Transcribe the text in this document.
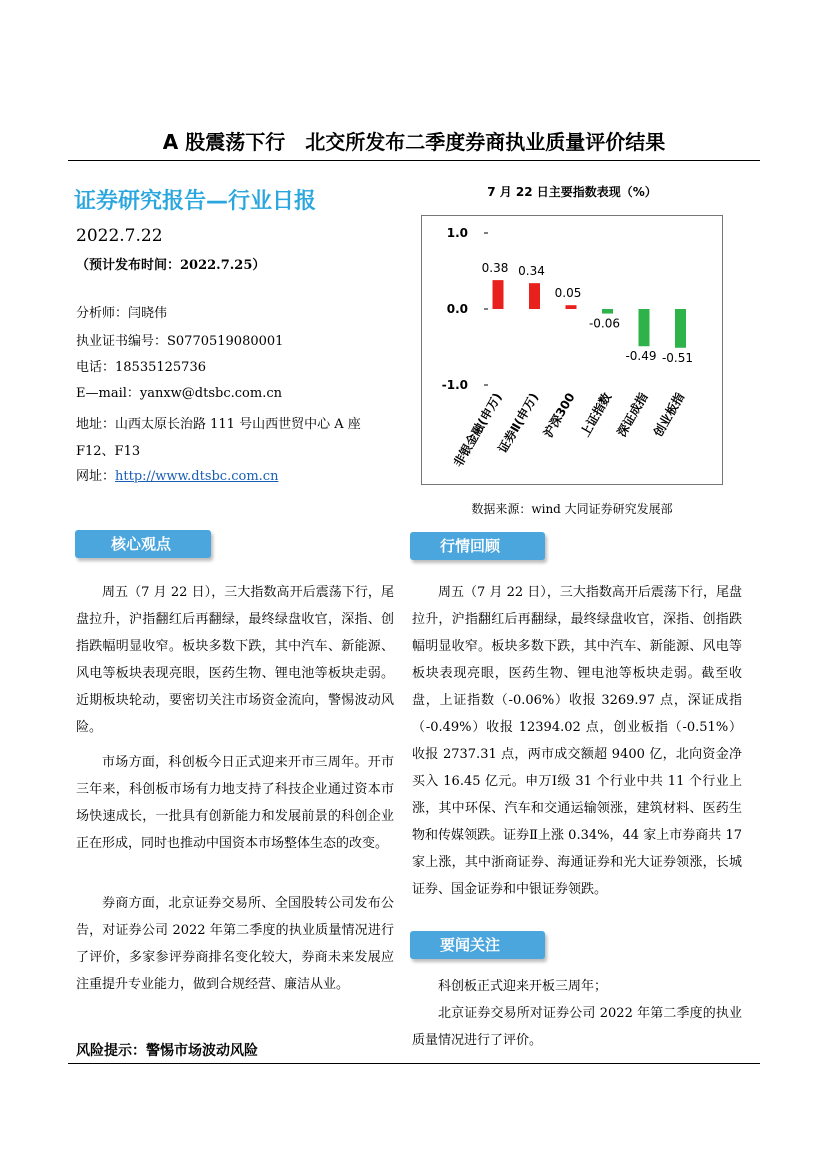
A 股震荡下行　北交所发布二季度券商执业质量评价结果
证券研究报告—行业日报
2022.7.22
（预计发布时间：2022.7.25）
分析师：闫晓伟
执业证书编号：S0770519080001
电话：18535125736
E—mail：yanxw@dtsbc.com.cn
地址：山西太原长治路 111 号山西世贸中心 A 座
F12、F13
网址：http://www.dtsbc.com.cn
7 月 22 日主要指数表现（%）
1.0
0.0
-1.0
0.38 0.34
0.05
-0.06
-0.49 -0.51
非银金融(申万)
证券Ⅱ(申万) 沪深300 上证指数 深证成指 创业板指
数据来源：wind 大同证券研究发展部
核心观点	行情回顾
要闻关注

周五（7 月 22 日），三大指数高开后震荡下行，尾盘拉升，沪指翻红后再翻绿，最终绿盘收官，深指、创指跌幅明显收窄。板块多数下跌，其中汽车、新能源、风电等板块表现亮眼，医药生物、锂电池等板块走弱。近期板块轮动，要密切关注市场资金流向，警惕波动风险。

市场方面，科创板今日正式迎来开市三周年。开市三年来，科创板市场有力地支持了科技企业通过资本市场快速成长，一批具有创新能力和发展前景的科创企业正在形成，同时也推动中国资本市场整体生态的改变。

券商方面，北京证券交易所、全国股转公司发布公告，对证券公司 2022 年第二季度的执业质量情况进行了评价，多家参评券商排名变化较大，券商未来发展应注重提升专业能力，做到合规经营、廉洁从业。

周五（7 月 22 日），三大指数高开后震荡下行，尾盘拉升，沪指翻红后再翻绿，最终绿盘收官，深指、创指跌幅明显收窄。板块多数下跌，其中汽车、新能源、风电等板块表现亮眼，医药生物、锂电池等板块走弱。截至收盘，上证指数（-0.06%）收报 3269.97 点，深证成指（-0.49%）收报 12394.02 点，创业板指（-0.51%）收报 2737.31 点，两市成交额超 9400 亿，北向资金净买入 16.45 亿元。申万Ⅰ级 31 个行业中共 11 个行业上涨，其中环保、汽车和交通运输领涨，建筑材料、医药生物和传媒领跌。证券Ⅱ上涨 0.34%，44 家上市券商共 17 家上涨，其中浙商证券、海通证券和光大证券领涨，长城证券、国金证券和中银证券领跌。

科创板正式迎来开板三周年；

北京证券交易所对证券公司 2022 年第二季度的执业质量情况进行了评价。

风险提示：警惕市场波动风险
